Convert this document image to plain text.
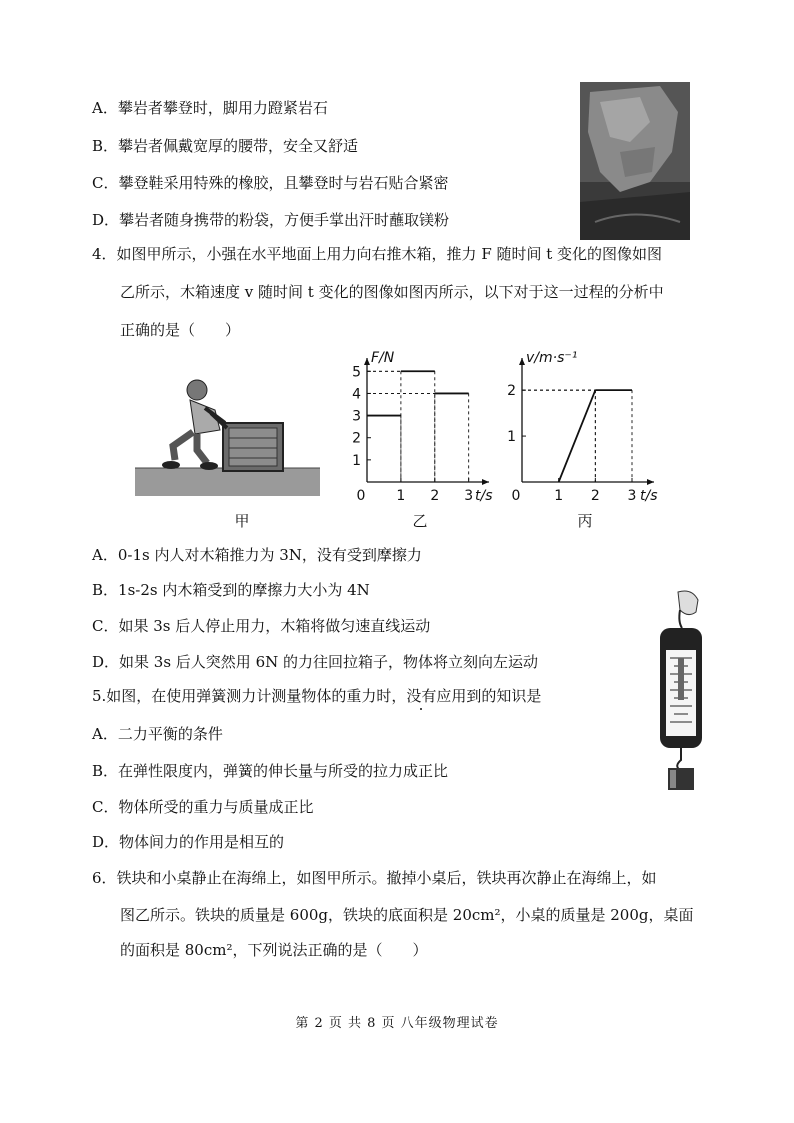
A．攀岩者攀登时，脚用力蹬紧岩石
B．攀岩者佩戴宽厚的腰带，安全又舒适
C．攀登鞋采用特殊的橡胶，且攀登时与岩石贴合紧密
D．攀岩者随身携带的粉袋，方便手掌出汗时蘸取镁粉
4．如图甲所示，小强在水平地面上用力向右推木箱，推力 F 随时间 t 变化的图像如图
乙所示，木箱速度 v 随时间 t 变化的图像如图丙所示，以下对于这一过程的分析中
正确的是（　　）
1
2
3
4
5
0 1 2 3
F/N
t/s
1
2
0 1 2 3
v/m·s⁻¹
t/s
甲	乙	丙
A．0-1s 内人对木箱推力为 3N，没有受到摩擦力
B．1s-2s 内木箱受到的摩擦力大小为 4N
C．如果 3s 后人停止用力，木箱将做匀速直线运动
D．如果 3s 后人突然用 6N 的力往回拉箱子，物体将立刻向左运动
5.如图，在使用弹簧测力计测量物体的重力时，没有应用到的知识是
A．二力平衡的条件
B．在弹性限度内，弹簧的伸长量与所受的拉力成正比
C．物体所受的重力与质量成正比
D．物体间力的作用是相互的
6．铁块和小桌静止在海绵上，如图甲所示。撤掉小桌后，铁块再次静止在海绵上，如
图乙所示。铁块的质量是 600g，铁块的底面积是 20cm²，小桌的质量是 200g，桌面
的面积是 80cm²，下列说法正确的是（　　）
第 2 页 共 8 页 八年级物理试卷
